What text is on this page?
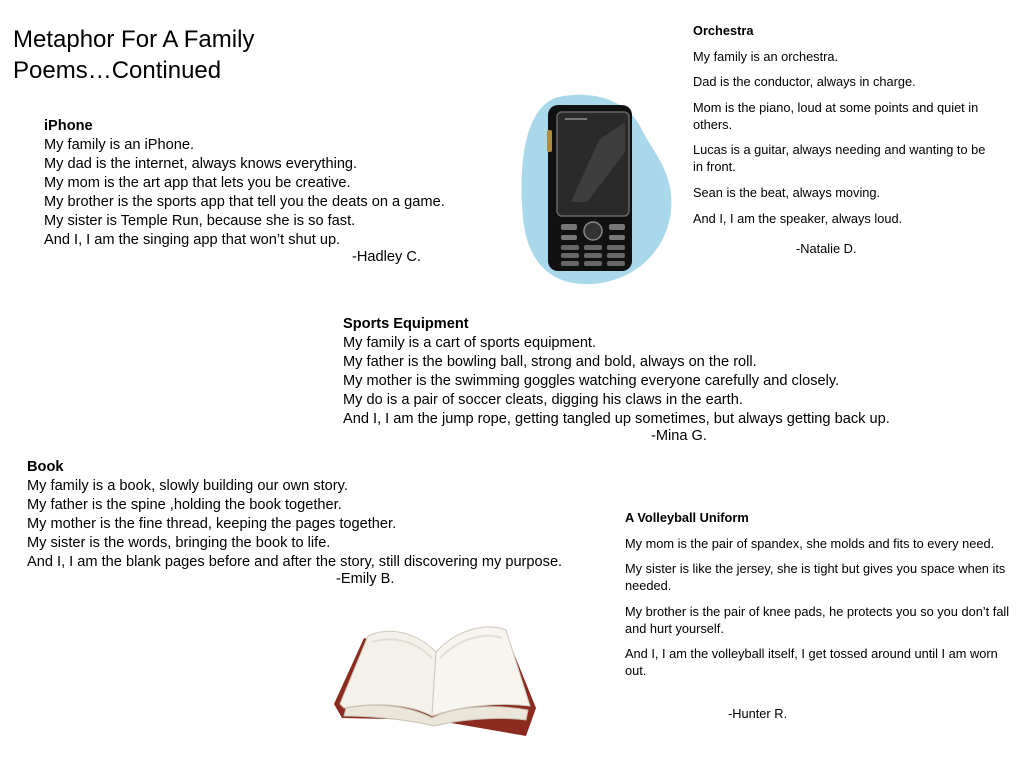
Metaphor For A Family
Poems…Continued

iPhone

My family is an iPhone.

My dad is the internet, always knows everything.

My mom is the art app that lets you be creative.

My brother is the sports app that tell you the deats on a game.

My sister is Temple Run, because she is so fast.

And I, I am the singing app that won’t shut up.

-Hadley C.

Orchestra

My family is an orchestra.

Dad is the conductor, always in charge.

Mom is the piano, loud at some points and quiet in others.

Lucas is a guitar, always needing and wanting to be in front.

Sean is the beat, always moving.

And I, I am the speaker, always loud.

-Natalie D.

Sports Equipment

My family is a cart of sports equipment.

My father is the bowling ball, strong and bold, always on the roll.

My mother is the swimming goggles watching everyone carefully and closely.

My do is a pair of soccer cleats, digging his claws in the earth.

And I, I am the jump rope, getting tangled up sometimes, but always getting back up.

-Mina G.

Book

My family is a book, slowly building our own story.

My father is the spine ,holding the book together.

My mother is the fine thread, keeping the pages together.

My sister is the words, bringing the book to life.

And I, I am the blank pages before and after the story, still discovering my purpose.

-Emily B.

A Volleyball Uniform

My mom is the pair of spandex, she molds and fits to every need.

My sister is like the jersey, she is tight but gives you space when its needed.

My brother is the pair of knee pads, he protects you so you don’t fall and hurt yourself.

And I, I am the volleyball itself, I get tossed around until I am worn out.

-Hunter R.
